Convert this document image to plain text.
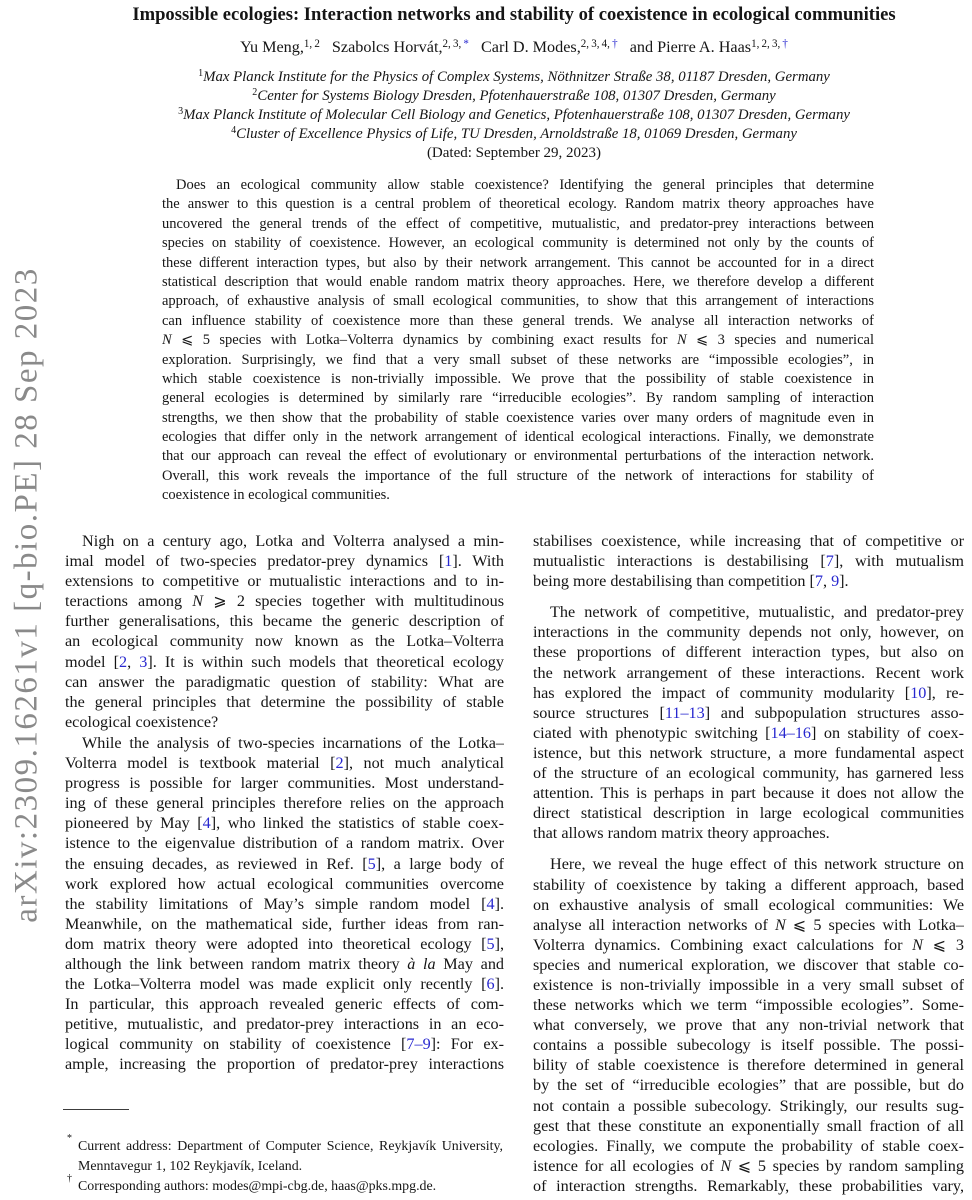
arXiv:2309.16261v1 [q-bio.PE] 28 Sep 2023
Impossible ecologies: Interaction networks and stability of coexistence in ecological communities
Yu Meng,$^{1, 2}$ Szabolcs Horvát,$^{2, 3, *}$ Carl D. Modes,$^{2, 3, 4, \dagger}$ and Pierre A. Haas$^{1, 2, 3, \dagger}$
$^1$Max Planck Institute for the Physics of Complex Systems, Nöthnitzer Straße 38, 01187 Dresden, Germany
$^2$Center for Systems Biology Dresden, Pfotenhauerstraße 108, 01307 Dresden, Germany
$^3$Max Planck Institute of Molecular Cell Biology and Genetics, Pfotenhauerstraße 108, 01307 Dresden, Germany
$^4$Cluster of Excellence Physics of Life, TU Dresden, Arnoldstraße 18, 01069 Dresden, Germany
(Dated: September 29, 2023)
Does an ecological community allow stable coexistence? Identifying the general principles that determine
the answer to this question is a central problem of theoretical ecology. Random matrix theory approaches have
uncovered the general trends of the effect of competitive, mutualistic, and predator-prey interactions between
species on stability of coexistence. However, an ecological community is determined not only by the counts of
these different interaction types, but also by their network arrangement. This cannot be accounted for in a direct
statistical description that would enable random matrix theory approaches. Here, we therefore develop a different
approach, of exhaustive analysis of small ecological communities, to show that this arrangement of interactions
can influence stability of coexistence more than these general trends. We analyse all interaction networks of
N ⩽ 5 species with Lotka–Volterra dynamics by combining exact results for N ⩽ 3 species and numerical
exploration. Surprisingly, we find that a very small subset of these networks are “impossible ecologies”, in
which stable coexistence is non-trivially impossible. We prove that the possibility of stable coexistence in
general ecologies is determined by similarly rare “irreducible ecologies”. By random sampling of interaction
strengths, we then show that the probability of stable coexistence varies over many orders of magnitude even in
ecologies that differ only in the network arrangement of identical ecological interactions. Finally, we demonstrate
that our approach can reveal the effect of evolutionary or environmental perturbations of the interaction network.
Overall, this work reveals the importance of the full structure of the network of interactions for stability of
coexistence in ecological communities.
Nigh on a century ago, Lotka and Volterra analysed a min-
imal model of two-species predator-prey dynamics [1]. With
extensions to competitive or mutualistic interactions and to in-
teractions among N ⩾ 2 species together with multitudinous
further generalisations, this became the generic description of
an ecological community now known as the Lotka–Volterra
model [2, 3]. It is within such models that theoretical ecology
can answer the paradigmatic question of stability: What are
the general principles that determine the possibility of stable
ecological coexistence?
While the analysis of two-species incarnations of the Lotka–
Volterra model is textbook material [2], not much analytical
progress is possible for larger communities. Most understand-
ing of these general principles therefore relies on the approach
pioneered by May [4], who linked the statistics of stable coex-
istence to the eigenvalue distribution of a random matrix. Over
the ensuing decades, as reviewed in Ref. [5], a large body of
work explored how actual ecological communities overcome
the stability limitations of May’s simple random model [4].
Meanwhile, on the mathematical side, further ideas from ran-
dom matrix theory were adopted into theoretical ecology [5],
although the link between random matrix theory à la May and
the Lotka–Volterra model was made explicit only recently [6].
In particular, this approach revealed generic effects of com-
petitive, mutualistic, and predator-prey interactions in an eco-
logical community on stability of coexistence [7–9]: For ex-
ample, increasing the proportion of predator-prey interactions
stabilises coexistence, while increasing that of competitive or
mutualistic interactions is destabilising [7], with mutualism
being more destabilising than competition [7, 9].
The network of competitive, mutualistic, and predator-prey
interactions in the community depends not only, however, on
these proportions of different interaction types, but also on
the network arrangement of these interactions. Recent work
has explored the impact of community modularity [10], re-
source structures [11–13] and subpopulation structures asso-
ciated with phenotypic switching [14–16] on stability of coex-
istence, but this network structure, a more fundamental aspect
of the structure of an ecological community, has garnered less
attention. This is perhaps in part because it does not allow the
direct statistical description in large ecological communities
that allows random matrix theory approaches.
Here, we reveal the huge effect of this network structure on
stability of coexistence by taking a different approach, based
on exhaustive analysis of small ecological communities: We
analyse all interaction networks of N ⩽ 5 species with Lotka–
Volterra dynamics. Combining exact calculations for N ⩽ 3
species and numerical exploration, we discover that stable co-
existence is non-trivially impossible in a very small subset of
these networks which we term “impossible ecologies”. Some-
what conversely, we prove that any non-trivial network that
contains a possible subecology is itself possible. The possi-
bility of stable coexistence is therefore determined in general
by the set of “irreducible ecologies” that are possible, but do
not contain a possible subecology. Strikingly, our results sug-
gest that these constitute an exponentially small fraction of all
ecologies. Finally, we compute the probability of stable coex-
istence for all ecologies of N ⩽ 5 species by random sampling
of interaction strengths. Remarkably, these probabilities vary,
*
Current address: Department of Computer Science, Reykjavík University,
Menntavegur 1, 102 Reykjavík, Iceland.
†
Corresponding authors: modes@mpi-cbg.de, haas@pks.mpg.de.
